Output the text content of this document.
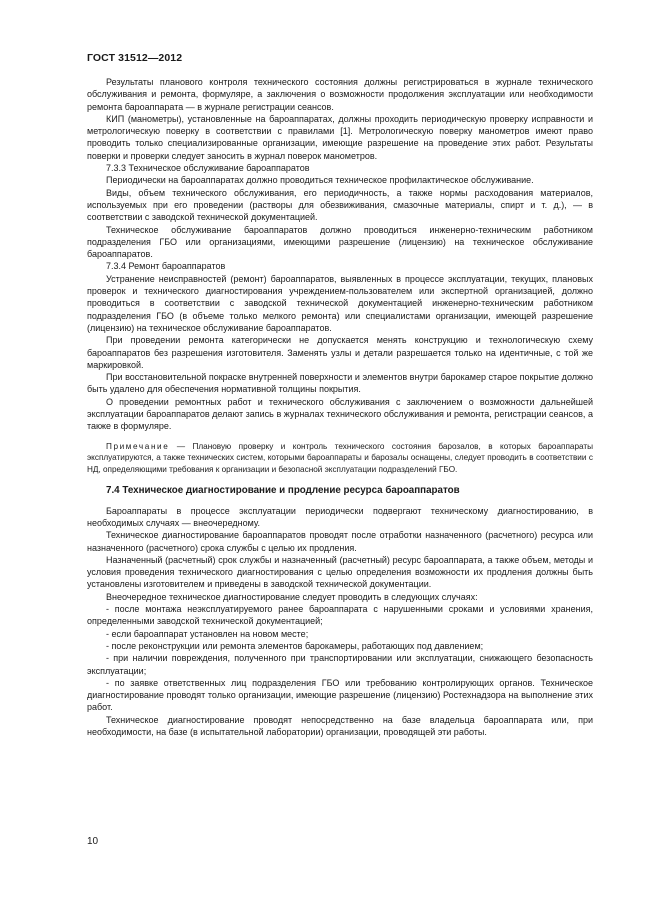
ГОСТ 31512—2012

Результаты планового контроля технического состояния должны регистрироваться в журнале технического обслуживания и ремонта, формуляре, а заключения о возможности продолжения эксплуатации или необходимости ремонта бароаппарата — в журнале регистрации сеансов.

КИП (манометры), установленные на бароаппаратах, должны проходить периодическую проверку исправности и метрологическую поверку в соответствии с правилами [1]. Метрологическую поверку манометров имеют право проводить только специализированные организации, имеющие разрешение на проведение этих работ. Результаты поверки и проверки следует заносить в журнал поверок манометров.

7.3.3 Техническое обслуживание бароаппаратов

Периодически на бароаппаратах должно проводиться техническое профилактическое обслуживание.

Виды, объем технического обслуживания, его периодичность, а также нормы расходования материалов, используемых при его проведении (растворы для обезвиживания, смазочные материалы, спирт и т. д.), — в соответствии с заводской технической документацией.

Техническое обслуживание бароаппаратов должно проводиться инженерно-техническим работником подразделения ГБО или организациями, имеющими разрешение (лицензию) на техническое обслуживание бароаппаратов.

7.3.4 Ремонт бароаппаратов

Устранение неисправностей (ремонт) бароаппаратов, выявленных в процессе эксплуатации, текущих, плановых проверок и технического диагностирования учреждением-пользователем или экспертной организацией, должно проводиться в соответствии с заводской технической документацией инженерно-техническим работником подразделения ГБО (в объеме только мелкого ремонта) или специалистами организации, имеющей разрешение (лицензию) на техническое обслуживание бароаппаратов.

При проведении ремонта категорически не допускается менять конструкцию и технологическую схему бароаппаратов без разрешения изготовителя. Заменять узлы и детали разрешается только на идентичные, с той же маркировкой.

При восстановительной покраске внутренней поверхности и элементов внутри барокамер старое покрытие должно быть удалено для обеспечения нормативной толщины покрытия.

О проведении ремонтных работ и технического обслуживания с заключением о возможности дальнейшей эксплуатации бароаппаратов делают запись в журналах технического обслуживания и ремонта, регистрации сеансов, а также в формуляре.

Примечание — Плановую проверку и контроль технического состояния барозалов, в которых бароаппараты эксплуатируются, а также технических систем, которыми бароаппараты и барозалы оснащены, следует проводить в соответствии с НД, определяющими требования к организации и безопасной эксплуатации подразделений ГБО.

7.4 Техническое диагностирование и продление ресурса бароаппаратов

Бароаппараты в процессе эксплуатации периодически подвергают техническому диагностированию, в необходимых случаях — внеочередному.

Техническое диагностирование бароаппаратов проводят после отработки назначенного (расчетного) ресурса или назначенного (расчетного) срока службы с целью их продления.

Назначенный (расчетный) срок службы и назначенный (расчетный) ресурс бароаппарата, а также объем, методы и условия проведения технического диагностирования с целью определения возможности их продления должны быть установлены изготовителем и приведены в заводской технической документации.

Внеочередное техническое диагностирование следует проводить в следующих случаях:

- после монтажа неэксплуатируемого ранее бароаппарата с нарушенными сроками и условиями хранения, определенными заводской технической документацией;

- если бароаппарат установлен на новом месте;

- после реконструкции или ремонта элементов барокамеры, работающих под давлением;

- при наличии повреждения, полученного при транспортировании или эксплуатации, снижающего безопасность эксплуатации;

- по заявке ответственных лиц подразделения ГБО или требованию контролирующих органов. Техническое диагностирование проводят только организации, имеющие разрешение (лицензию) Ростехнадзора на выполнение этих работ.

Техническое диагностирование проводят непосредственно на базе владельца бароаппарата или, при необходимости, на базе (в испытательной лаборатории) организации, проводящей эти работы.

10
